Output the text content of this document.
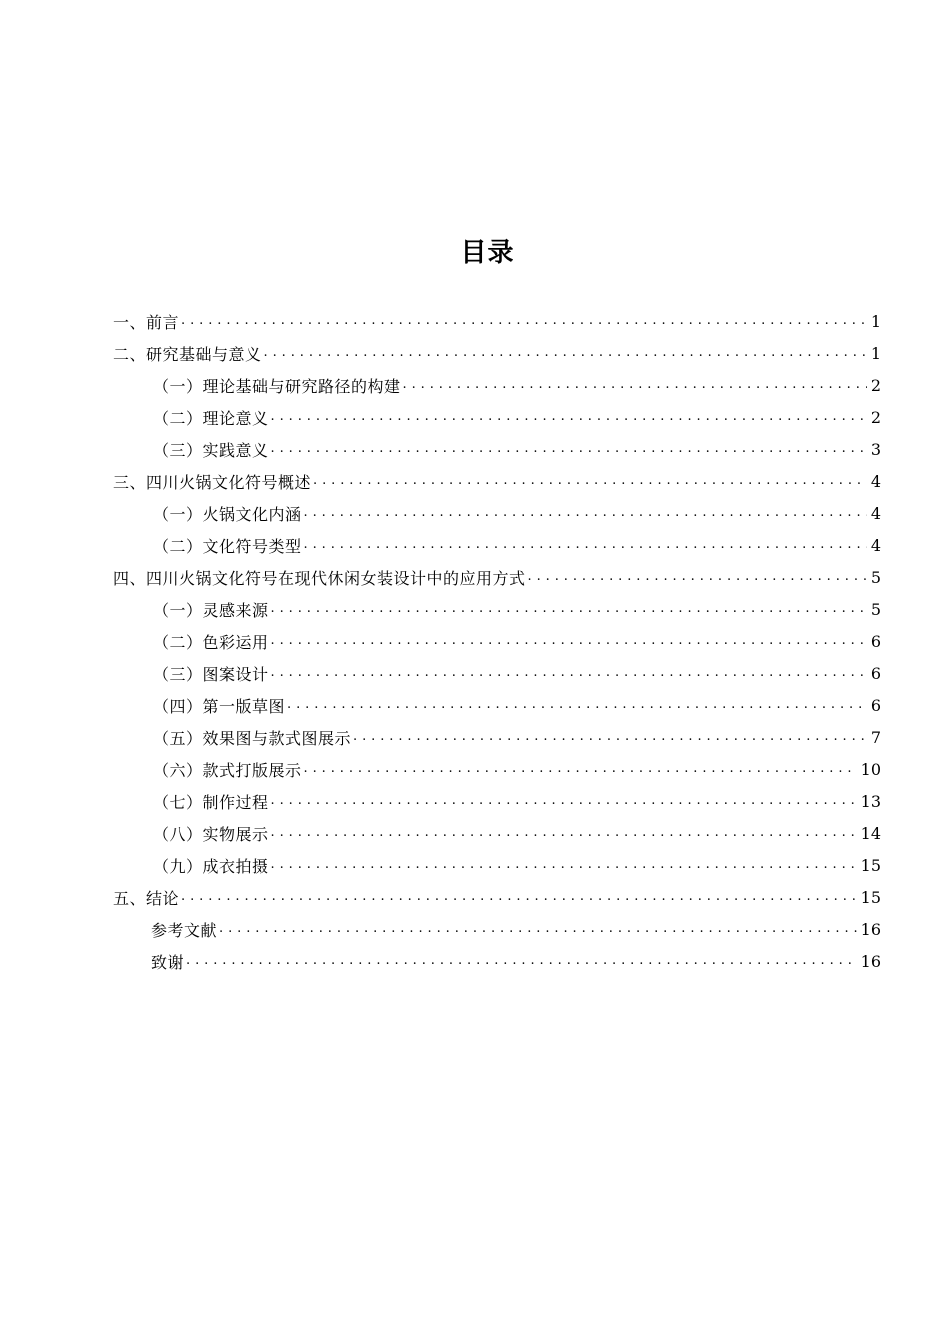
目录
一、前言 . . .	1
二、研究基础与意义 . . .	1
（一）理论基础与研究路径的构建 . . .	2
（二）理论意义 . . .	2
（三）实践意义 . . .	3
三、四川火锅文化符号概述 . . .	4
（一）火锅文化内涵 . . .	4
（二）文化符号类型 . . .	4
四、四川火锅文化符号在现代休闲女装设计中的应用方式 . . .	5
（一）灵感来源 . . .	5
（二）色彩运用 . . .	6
（三）图案设计 . . .	6
（四）第一版草图 . . .	6
（五）效果图与款式图展示 . . .	7
（六）款式打版展示 . . .	10
（七）制作过程 . . .	13
（八）实物展示 . . .	14
（九）成衣拍摄 . . .	15
五、结论 . . .	15
参考文献 . . .	16
致谢 . . .	16
